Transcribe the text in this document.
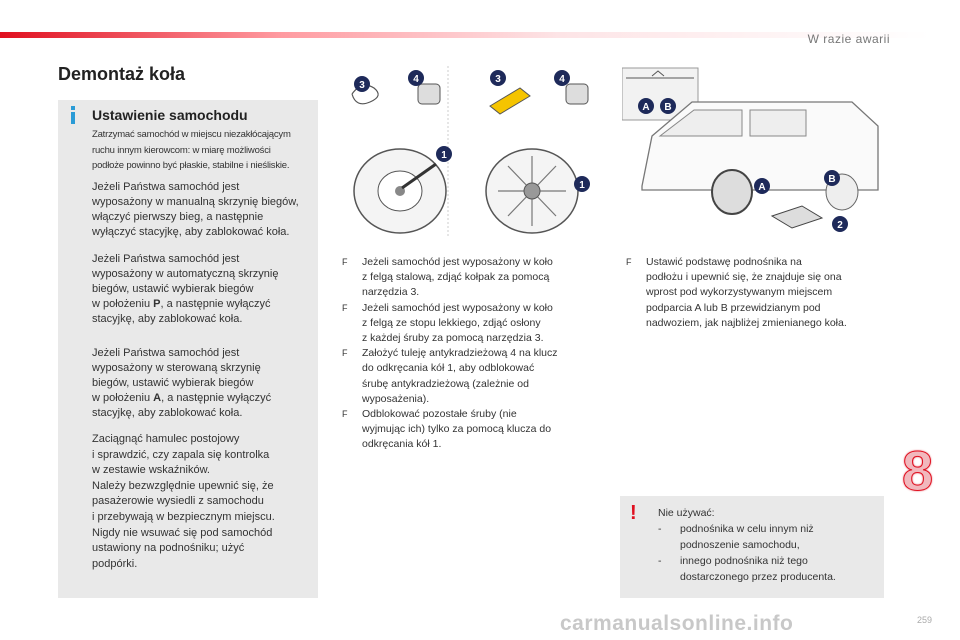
W razie awarii
Demontaż koła
Ustawienie samochodu
Zatrzymać samochód w miejscu niezakłócającym
ruchu innym kierowcom: w miarę możliwości
podłoże powinno być płaskie, stabilne i nieśliskie.
Jeżeli Państwa samochód jest
wyposażony w manualną skrzynię biegów,
włączyć pierwszy bieg, a następnie
wyłączyć stacyjkę, aby zablokować koła.
Jeżeli Państwa samochód jest
wyposażony w automatyczną skrzynię
biegów, ustawić wybierak biegów
w położeniu P, a następnie wyłączyć
stacyjkę, aby zablokować koła.
Jeżeli Państwa samochód jest
wyposażony w sterowaną skrzynię
biegów, ustawić wybierak biegów
w położeniu A, a następnie wyłączyć
stacyjkę, aby zablokować koła.
Zaciągnąć hamulec postojowy
i sprawdzić, czy zapala się kontrolka
w zestawie wskaźników.
Należy bezwzględnie upewnić się, że
pasażerowie wysiedli z samochodu
i przebywają w bezpiecznym miejscu.
Nigdy nie wsuwać się pod samochód
ustawiony na podnośniku; użyć
podpórki.
3
4
1
3	4
1
A B
A
B
2
F Jeżeli samochód jest wyposażony w koło
z felgą stalową, zdjąć kołpak za pomocą
narzędzia 3.
F Jeżeli samochód jest wyposażony w koło
z felgą ze stopu lekkiego, zdjąć osłony
z każdej śruby za pomocą narzędzia 3.
F Założyć tuleję antykradzieżową 4 na klucz
do odkręcania kół 1, aby odblokować
śrubę antykradzieżową (zależnie od
wyposażenia).
F Odblokować pozostałe śruby (nie
wyjmując ich) tylko za pomocą klucza do
odkręcania kół 1.
F Ustawić podstawę podnośnika na
podłożu i upewnić się, że znajduje się ona
wprost pod wykorzystywanym miejscem
podparcia A lub B przewidzianym pod
nadwoziem, jak najbliżej zmienianego koła.
! Nie używać:
- podnośnika w celu innym niż
podnoszenie samochodu,
- innego podnośnika niż tego
dostarczonego przez producenta.
8
carmanualsonline.info	259
